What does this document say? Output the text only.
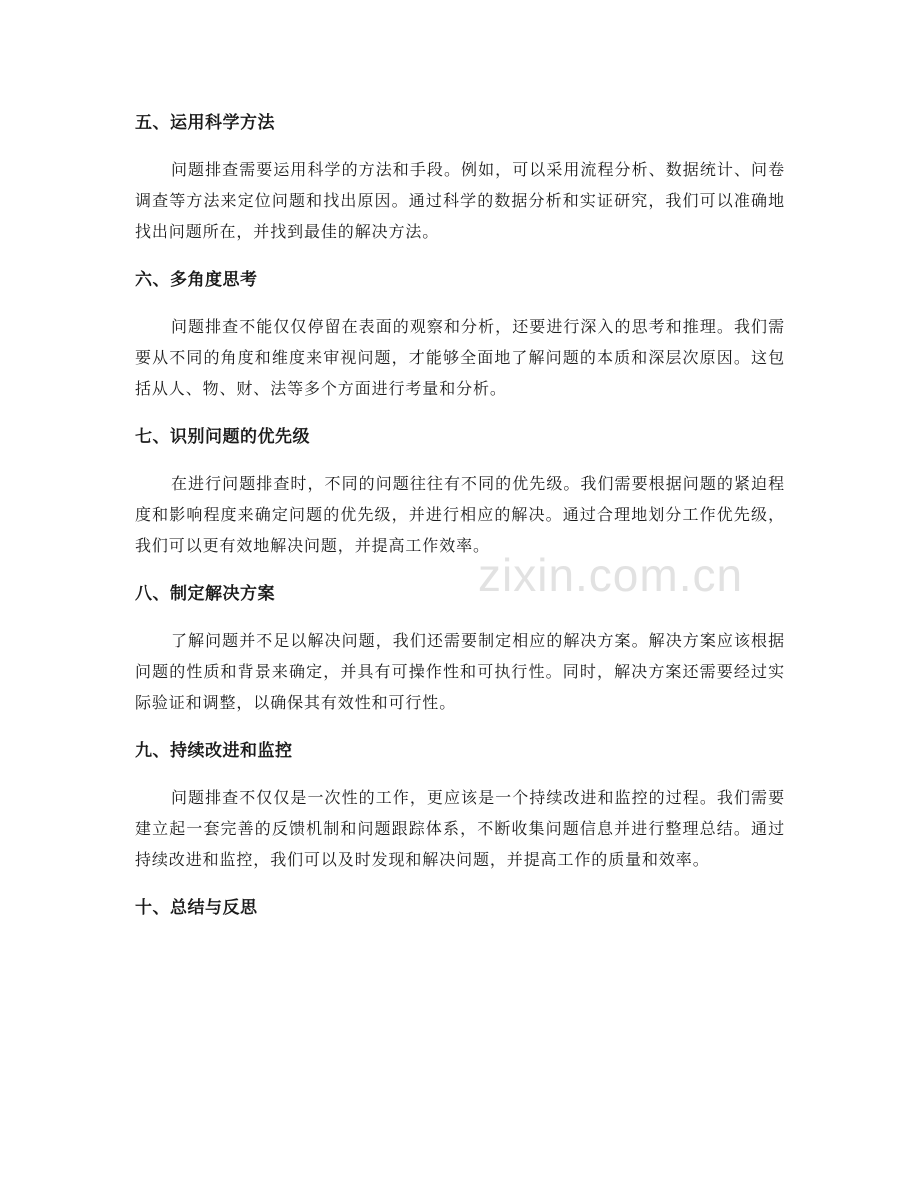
五、运用科学方法

问题排查需要运用科学的方法和手段。例如，可以采用流程分析、数据统计、问卷调查等方法来定位问题和找出原因。通过科学的数据分析和实证研究，我们可以准确地找出问题所在，并找到最佳的解决方法。

六、多角度思考

问题排查不能仅仅停留在表面的观察和分析，还要进行深入的思考和推理。我们需要从不同的角度和维度来审视问题，才能够全面地了解问题的本质和深层次原因。这包括从人、物、财、法等多个方面进行考量和分析。

七、识别问题的优先级

在进行问题排查时，不同的问题往往有不同的优先级。我们需要根据问题的紧迫程度和影响程度来确定问题的优先级，并进行相应的解决。通过合理地划分工作优先级，我们可以更有效地解决问题，并提高工作效率。

八、制定解决方案

了解问题并不足以解决问题，我们还需要制定相应的解决方案。解决方案应该根据问题的性质和背景来确定，并具有可操作性和可执行性。同时，解决方案还需要经过实际验证和调整，以确保其有效性和可行性。

九、持续改进和监控

问题排查不仅仅是一次性的工作，更应该是一个持续改进和监控的过程。我们需要建立起一套完善的反馈机制和问题跟踪体系，不断收集问题信息并进行整理总结。通过持续改进和监控，我们可以及时发现和解决问题，并提高工作的质量和效率。

十、总结与反思
zixin.com.cn
